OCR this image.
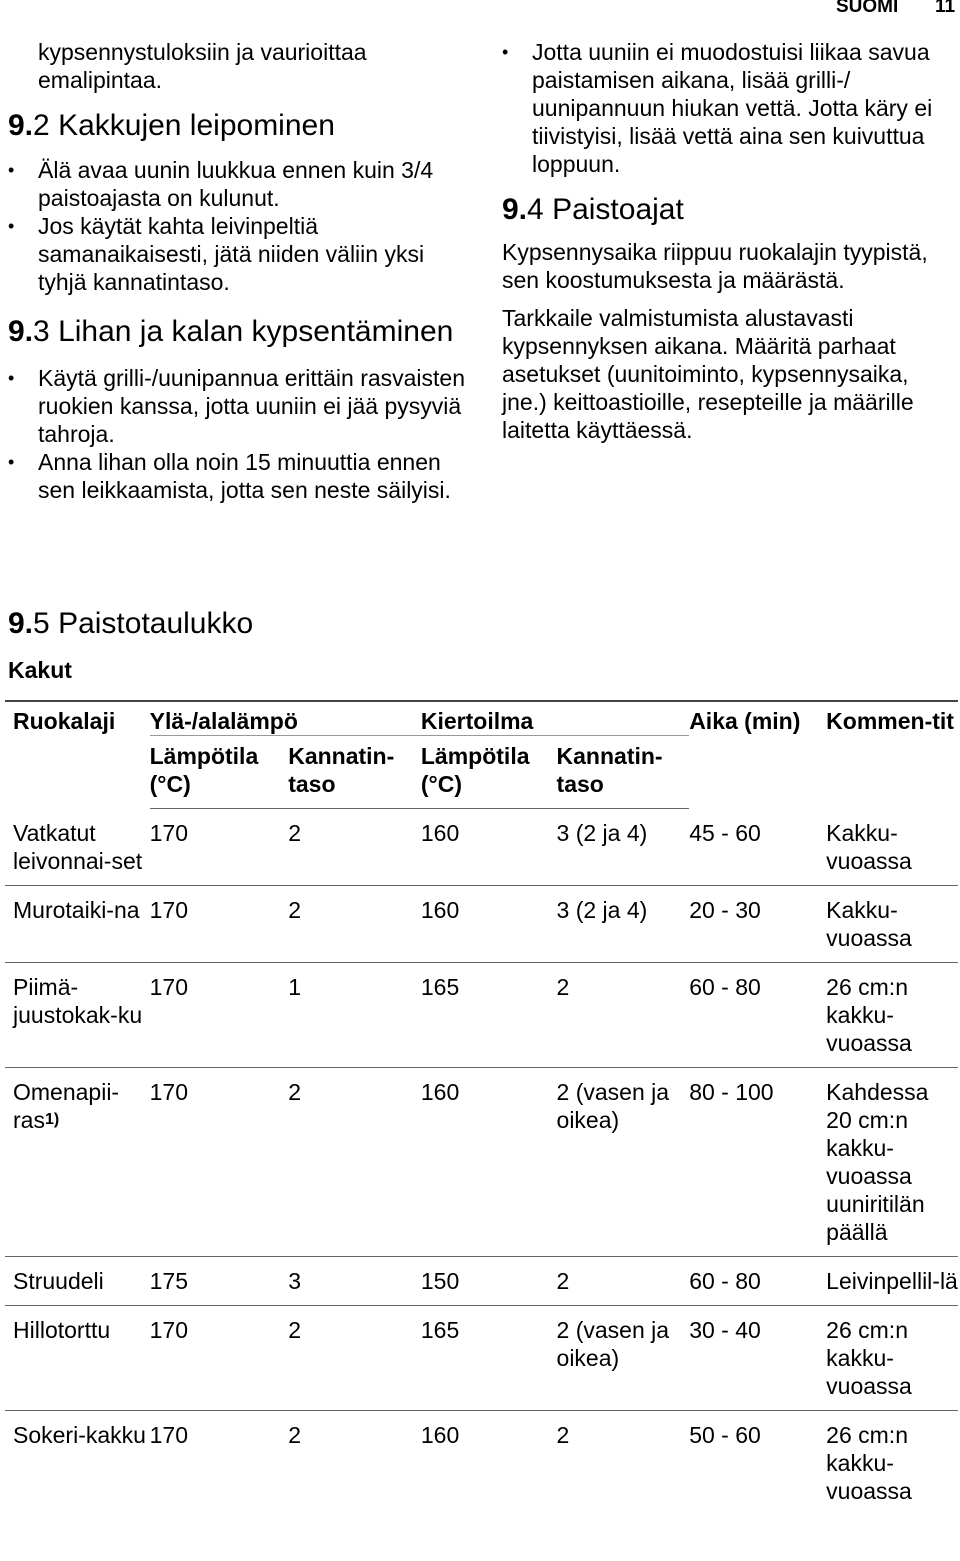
SUOMI 11

kypsennystuloksiin ja vaurioittaa emalipintaa.

9.2 Kakkujen leipominen
• Älä avaa uunin luukkua ennen kuin 3/4 paistoajasta on kulunut.
• Jos käytät kahta leivinpeltiä samanaikaisesti, jätä niiden väliin yksi tyhjä kannatintaso.
9.3 Lihan ja kalan kypsentäminen
• Käytä grilli-/uunipannua erittäin rasvaisten ruokien kanssa, jotta uuniin ei jää pysyviä tahroja.
• Anna lihan olla noin 15 minuuttia ennen sen leikkaamista, jotta sen neste säilyisi.
• Jotta uuniin ei muodostuisi liikaa savua paistamisen aikana, lisää grilli-/ uunipannuun hiukan vettä. Jotta käry ei tiivistyisi, lisää vettä aina sen kuivuttua loppuun.
9.4 Paistoajat

Kypsennysaika riippuu ruokalajin tyypistä, sen koostumuksesta ja määrästä.

Tarkkaile valmistumista alustavasti kypsennyksen aikana. Määritä parhaat asetukset (uunitoiminto, kypsennysaika, jne.) keittoastioille, resepteille ja määrille laitetta käyttäessä.

9.5 Paistotaulukko
Kakut
Ruokalaji	Ylä-/alalämpö		Kiertoilma		Aika (min)	Kommen-tit
	Lämpötila (°C)	Kannatin-taso	Lämpötila (°C)	Kannatin-taso		
Vatkatut leivonnai-set	170	2	160	3 (2 ja 4)	45 - 60	Kakku-vuoassa
Murotaiki-na	170	2	160	3 (2 ja 4)	20 - 30	Kakku-vuoassa
Piimä-juustokak-ku	170	1	165	2	60 - 80	26 cm:n kakku-vuoassa
Omenapii-ras$^{1)}$	170	2	160	2 (vasen ja oikea)	80 - 100	Kahdessa 20 cm:n kakku-vuoassa uuniritilän päällä
Struudeli	175	3	150	2	60 - 80	Leivinpellil-lä
Hillotorttu	170	2	165	2 (vasen ja oikea)	30 - 40	26 cm:n kakku-vuoassa
Sokeri-kakku	170	2	160	2	50 - 60	26 cm:n kakku-vuoassa
